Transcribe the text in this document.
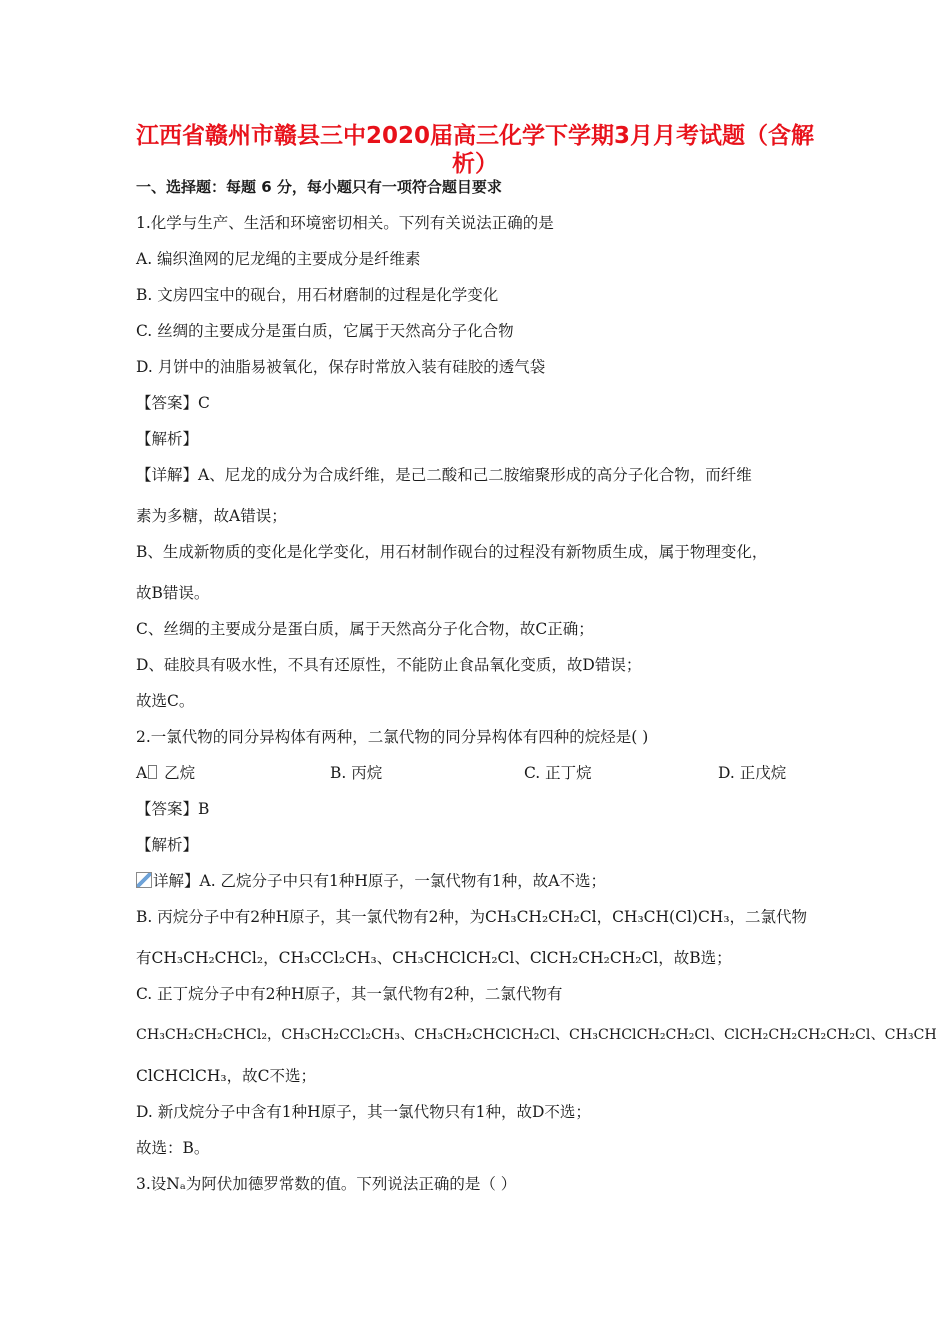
江西省赣州市赣县三中2020届高三化学下学期3月月考试题（含解
析）
一、选择题：每题 6 分，每小题只有一项符合题目要求
1.化学与生产、生活和环境密切相关。下列有关说法正确的是
A. 编织渔网的尼龙绳的主要成分是纤维素
B. 文房四宝中的砚台，用石材磨制的过程是化学变化
C. 丝绸的主要成分是蛋白质，它属于天然高分子化合物
D. 月饼中的油脂易被氧化，保存时常放入装有硅胶的透气袋
【答案】C
【解析】
【详解】A、尼龙的成分为合成纤维，是己二酸和己二胺缩聚形成的高分子化合物，而纤维
素为多糖，故A错误；
B、生成新物质的变化是化学变化，用石材制作砚台的过程没有新物质生成，属于物理变化，
故B错误。
C、丝绸的主要成分是蛋白质，属于天然高分子化合物，故C正确；
D、硅胶具有吸水性，不具有还原性，不能防止食品氧化变质，故D错误；
故选C。
2.一氯代物的同分异构体有两种，二氯代物的同分异构体有四种的烷烃是( )
A 乙烷	B. 丙烷	C. 正丁烷	D. 正戊烷
【答案】B
【解析】
详解】A. 乙烷分子中只有1种H原子，一氯代物有1种，故A不选；
B. 丙烷分子中有2种H原子，其一氯代物有2种，为CH₃CH₂CH₂Cl，CH₃CH(Cl)CH₃，二氯代物
有CH₃CH₂CHCl₂，CH₃CCl₂CH₃、CH₃CHClCH₂Cl、ClCH₂CH₂CH₂Cl，故B选；
C. 正丁烷分子中有2种H原子，其一氯代物有2种，二氯代物有
CH₃CH₂CH₂CHCl₂，CH₃CH₂CCl₂CH₃、CH₃CH₂CHClCH₂Cl、CH₃CHClCH₂CH₂Cl、ClCH₂CH₂CH₂CH₂Cl、CH₃CH
ClCHClCH₃，故C不选；
D. 新戊烷分子中含有1种H原子，其一氯代物只有1种，故D不选；
故选：B。
3.设Nₐ为阿伏加德罗常数的值。下列说法正确的是（ ）
